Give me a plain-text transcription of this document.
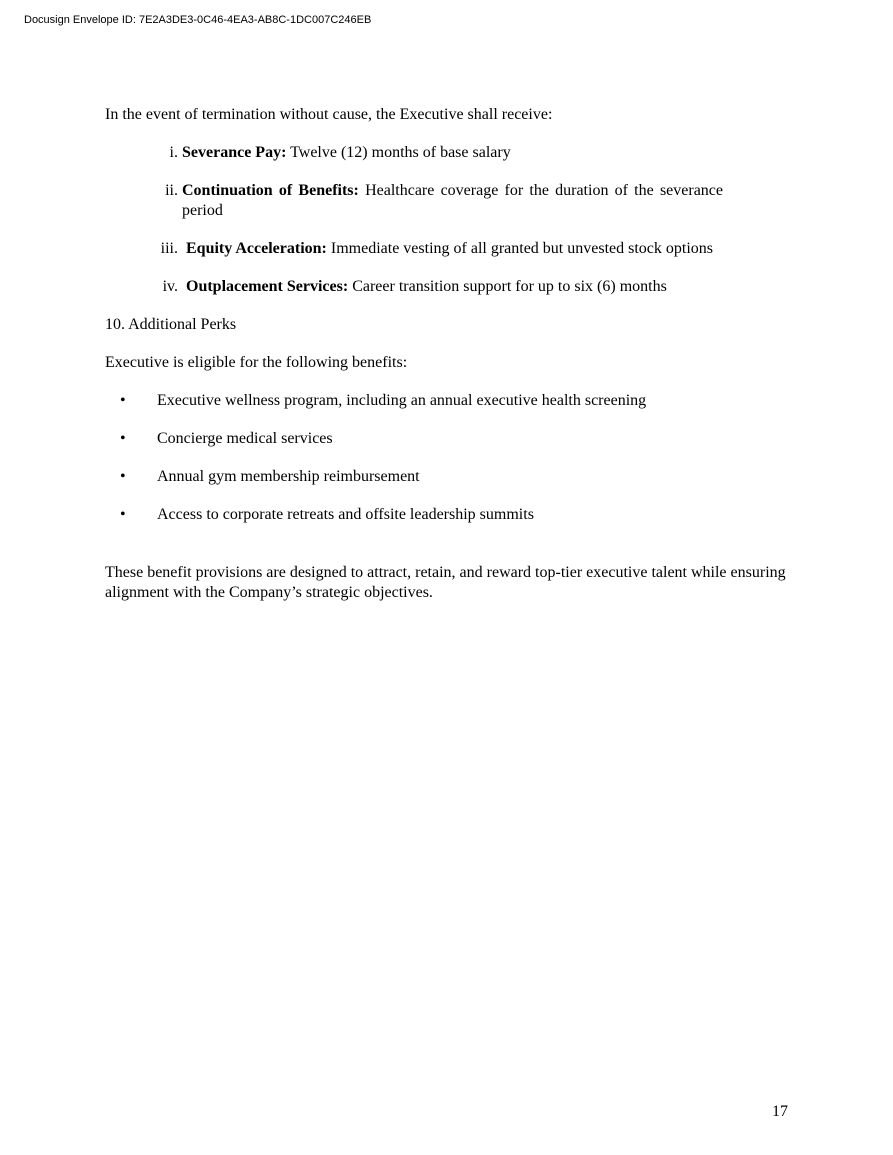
Docusign Envelope ID: 7E2A3DE3-0C46-4EA3-AB8C-1DC007C246EB
In the event of termination without cause, the Executive shall receive:
i. Severance Pay: Twelve (12) months of base salary
ii. Continuation of Benefits: Healthcare coverage for the duration of the severance period
iii. Equity Acceleration: Immediate vesting of all granted but unvested stock options
iv. Outplacement Services: Career transition support for up to six (6) months
10. Additional Perks
Executive is eligible for the following benefits:
• Executive wellness program, including an annual executive health screening
• Concierge medical services
• Annual gym membership reimbursement
• Access to corporate retreats and offsite leadership summits
These benefit provisions are designed to attract, retain, and reward top-tier executive talent while ensuring alignment with the Company’s strategic objectives.
17
